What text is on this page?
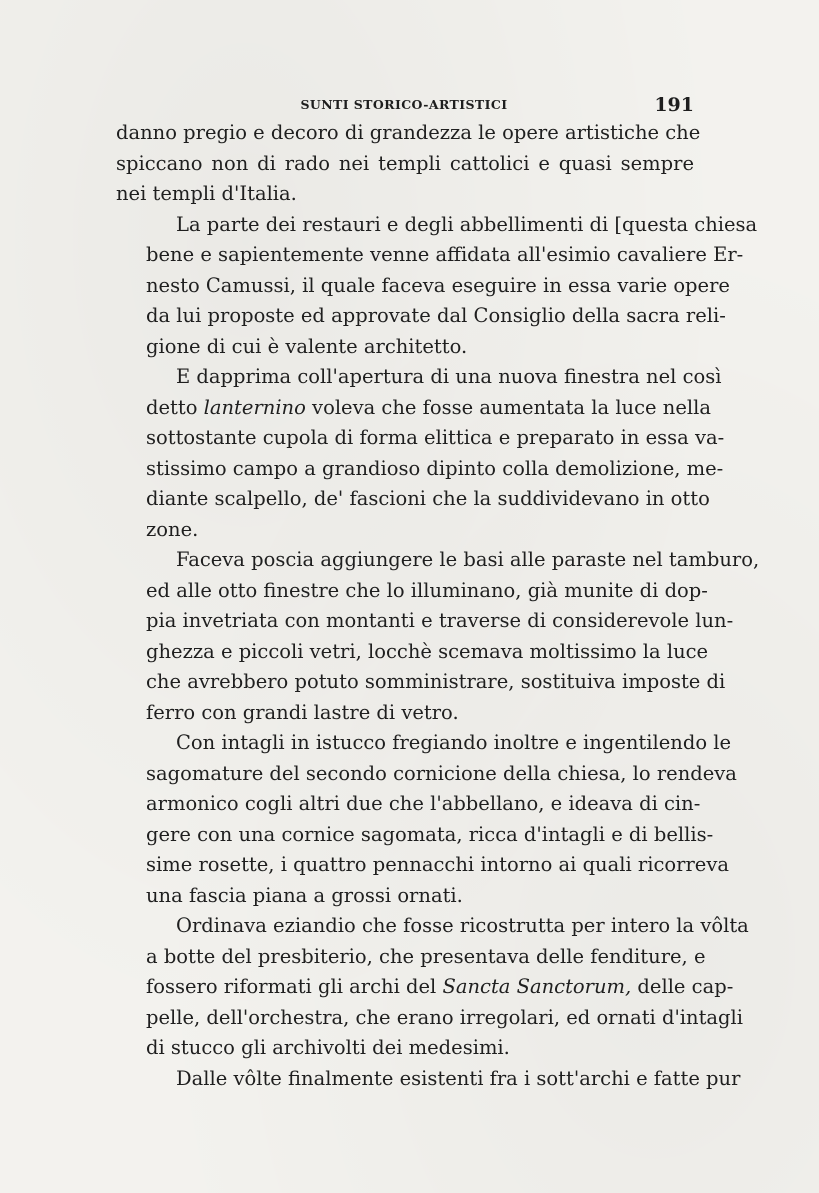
SUNTI STORICO-ARTISTICI	191
danno pregio e decoro di grandezza le opere artistiche che
spiccano non di rado nei templi cattolici e quasi sempre
nei templi d'Italia.
La parte dei restauri e degli abbellimenti di [questa chiesa
bene e sapientemente venne affidata all'esimio cavaliere Er-
nesto Camussi, il quale faceva eseguire in essa varie opere
da lui proposte ed approvate dal Consiglio della sacra reli-
gione di cui è valente architetto.
E dapprima coll'apertura di una nuova finestra nel così
detto lanternino voleva che fosse aumentata la luce nella
sottostante cupola di forma elittica e preparato in essa va-
stissimo campo a grandioso dipinto colla demolizione, me-
diante scalpello, de' fascioni che la suddividevano in otto
zone.
Faceva poscia aggiungere le basi alle paraste nel tamburo,
ed alle otto finestre che lo illuminano, già munite di dop-
pia invetriata con montanti e traverse di considerevole lun-
ghezza e piccoli vetri, locchè scemava moltissimo la luce
che avrebbero potuto somministrare, sostituiva imposte di
ferro con grandi lastre di vetro.
Con intagli in istucco fregiando inoltre e ingentilendo le
sagomature del secondo cornicione della chiesa, lo rendeva
armonico cogli altri due che l'abbellano, e ideava di cin-
gere con una cornice sagomata, ricca d'intagli e di bellis-
sime rosette, i quattro pennacchi intorno ai quali ricorreva
una fascia piana a grossi ornati.
Ordinava eziandio che fosse ricostrutta per intero la vôlta
a botte del presbiterio, che presentava delle fenditure, e
fossero riformati gli archi del Sancta Sanctorum, delle cap-
pelle, dell'orchestra, che erano irregolari, ed ornati d'intagli
di stucco gli archivolti dei medesimi.
Dalle vôlte finalmente esistenti fra i sott'archi e fatte pur
